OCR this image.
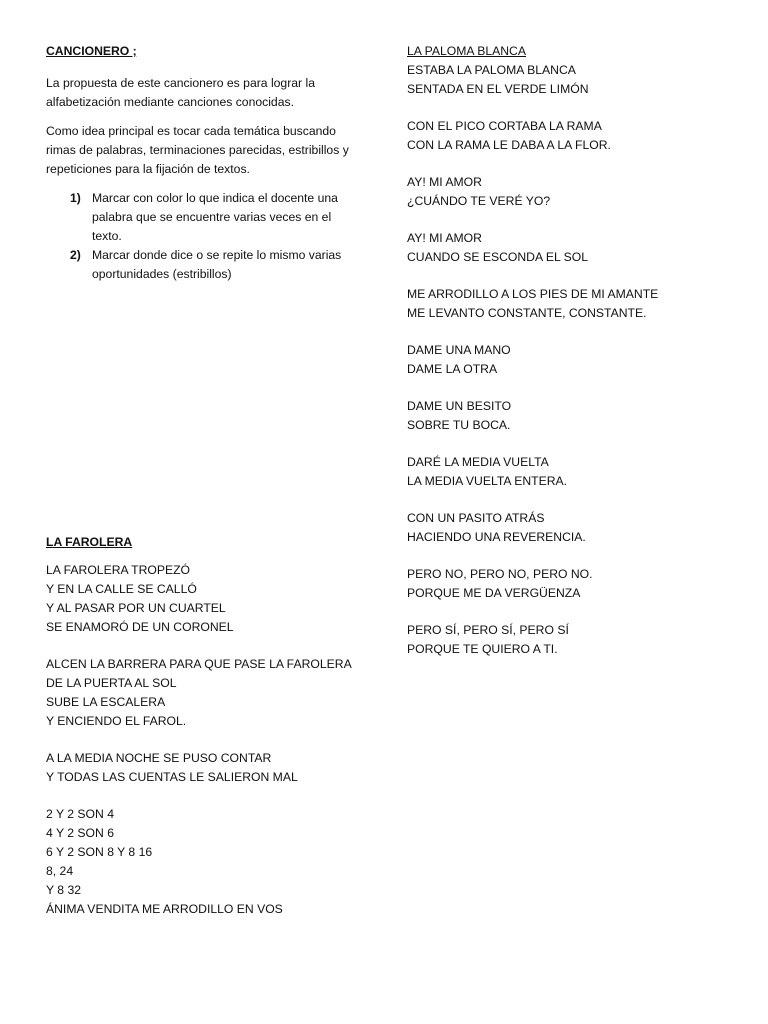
CANCIONERO ;

La propuesta de este cancionero es para lograr la alfabetización mediante canciones conocidas.

Como idea principal es tocar cada temática buscando rimas de palabras, terminaciones parecidas, estribillos y repeticiones para la fijación de textos.

1) Marcar con color lo que indica el docente una palabra que se encuentre varias veces en el texto.
2) Marcar donde dice o se repite lo mismo varias oportunidades (estribillos)
LA FAROLERA
LA FAROLERA TROPEZÓ
Y EN LA CALLE SE CALLÓ
Y AL PASAR POR UN CUARTEL
SE ENAMORÓ DE UN CORONEL
ALCEN LA BARRERA PARA QUE PASE LA FAROLERA
DE LA PUERTA AL SOL
SUBE LA ESCALERA
Y ENCIENDO EL FAROL.
A LA MEDIA NOCHE SE PUSO CONTAR
Y TODAS LAS CUENTAS LE SALIERON MAL
2 Y 2 SON 4
4 Y 2 SON 6
6 Y 2 SON 8 Y 8 16
8, 24
Y 8 32
ÁNIMA VENDITA ME ARRODILLO EN VOS
LA PALOMA BLANCA
ESTABA LA PALOMA BLANCA
SENTADA EN EL VERDE LIMÓN
CON EL PICO CORTABA LA RAMA
CON LA RAMA LE DABA A LA FLOR.
AY! MI AMOR
¿CUÁNDO TE VERÉ YO?
AY! MI AMOR
CUANDO SE ESCONDA EL SOL
ME ARRODILLO A LOS PIES DE MI AMANTE
ME LEVANTO CONSTANTE, CONSTANTE.
DAME UNA MANO
DAME LA OTRA
DAME UN BESITO
SOBRE TU BOCA.
DARÉ LA MEDIA VUELTA
LA MEDIA VUELTA ENTERA.
CON UN PASITO ATRÁS
HACIENDO UNA REVERENCIA.
PERO NO, PERO NO, PERO NO.
PORQUE ME DA VERGÜENZA
PERO SÍ, PERO SÍ, PERO SÍ
PORQUE TE QUIERO A TI.
